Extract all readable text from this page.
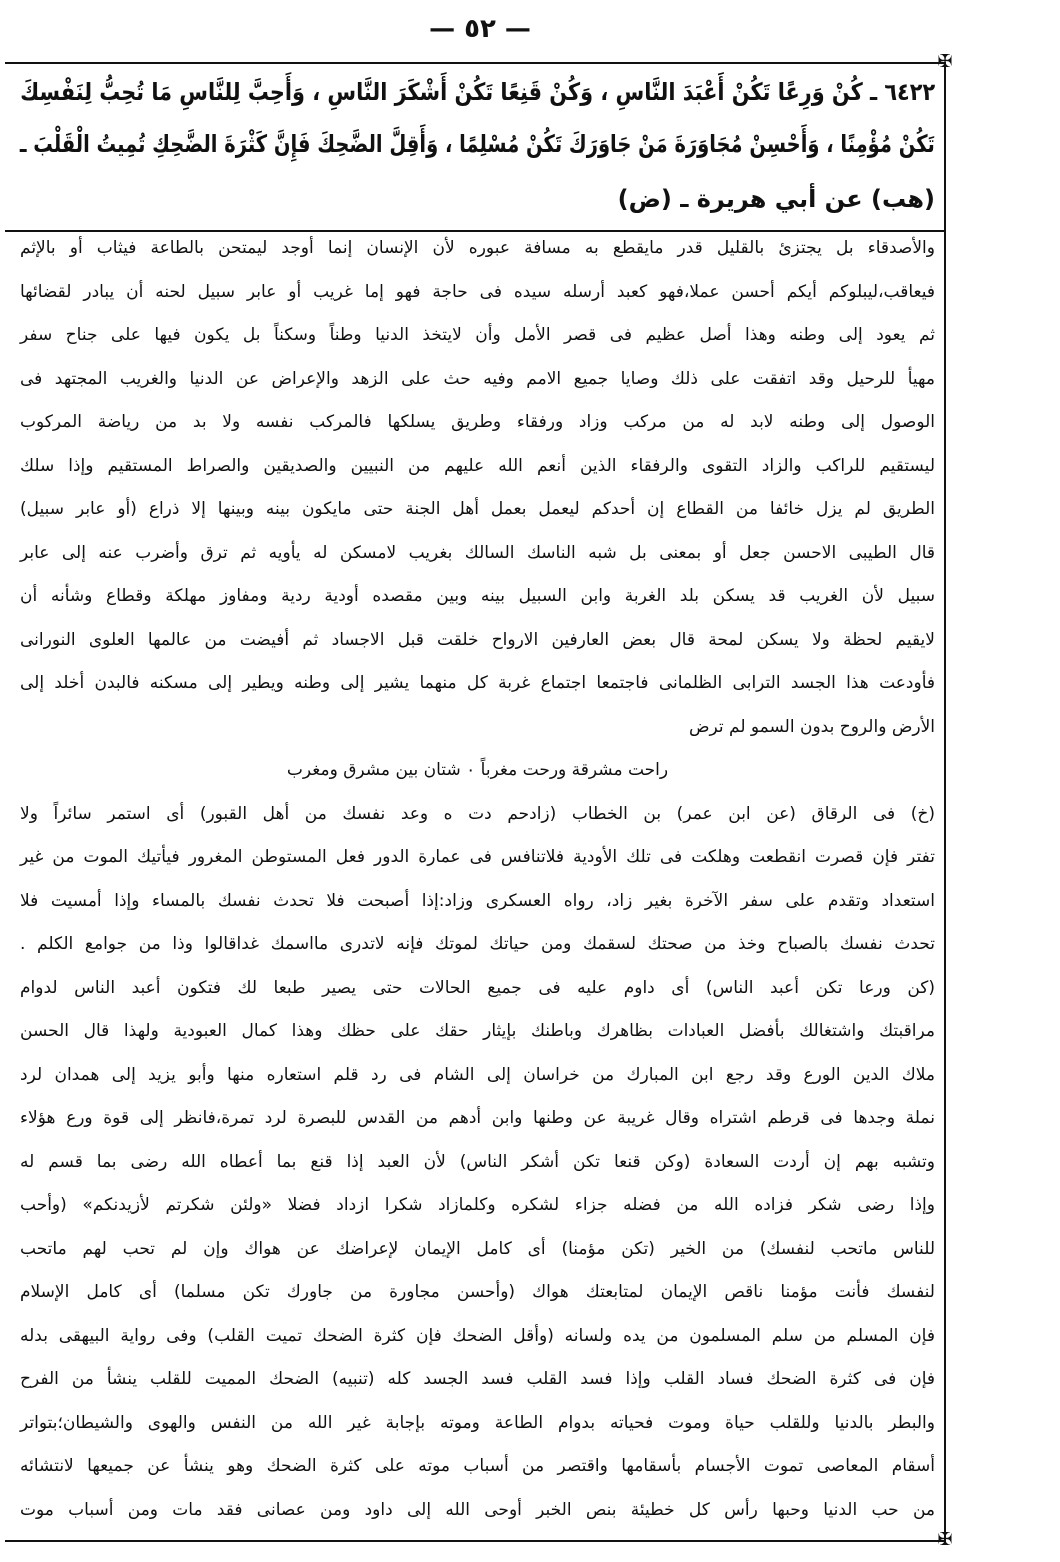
— ٥٢ —
✠
✠
٦٤٢٢ ـ كُنْ وَرِعًا تَكُنْ أَعْبَدَ النَّاسِ ، وَكُنْ قَنِعًا تَكُنْ أَشْكَرَ النَّاسِ ، وَأَحِبَّ لِلنَّاسِ مَا تُحِبُّ لِنَفْسِكَ
تَكُنْ مُؤْمِنًا ، وَأَحْسِنْ مُجَاوَرَةَ مَنْ جَاوَرَكَ تَكُنْ مُسْلِمًا ، وَأَقِلَّ الضَّحِكَ فَإِنَّ كَثْرَةَ الضَّحِكِ تُمِيتُ الْقَلْبَ ـ
(هب) عن أبي هريرة ـ (ض)
والأصدقاء بل يجتزئ بالقليل قدر مايقطع به مسافة عبوره لأن الإنسان إنما أوجد ليمتحن بالطاعة فيثاب أو بالإثم
فيعاقب،ليبلوكم أيكم أحسن عملا،فهو كعبد أرسله سيده فى حاجة فهو إما غريب أو عابر سبيل لحنه أن يبادر لقضائها
ثم يعود إلى وطنه وهذا أصل عظيم فى قصر الأمل وأن لايتخذ الدنيا وطناً وسكناً بل يكون فيها على جناح سفر
مهيأ للرحيل وقد اتفقت على ذلك وصايا جميع الامم وفيه حث على الزهد والإعراض عن الدنيا والغريب المجتهد فى
الوصول إلى وطنه لابد له من مركب وزاد ورفقاء وطريق يسلكها فالمركب نفسه ولا بد من رياضة المركوب
ليستقيم للراكب والزاد التقوى والرفقاء الذين أنعم الله عليهم من النبيين والصديقين والصراط المستقيم وإذا سلك
الطريق لم يزل خائفا من القطاع إن أحدكم ليعمل بعمل أهل الجنة حتى مايكون بينه وبينها إلا ذراع (أو عابر سبيل)
قال الطيبى الاحسن جعل أو بمعنى بل شبه الناسك السالك بغريب لامسكن له يأويه ثم ترق وأضرب عنه إلى عابر
سبيل لأن الغريب قد يسكن بلد الغربة وابن السبيل بينه وبين مقصده أودية ردية ومفاوز مهلكة وقطاع وشأنه أن
لايقيم لحظة ولا يسكن لمحة قال بعض العارفين الارواح خلقت قبل الاجساد ثم أفيضت من عالمها العلوى النورانى
فأودعت هذا الجسد الترابى الظلمانى فاجتمعا اجتماع غربة كل منهما يشير إلى وطنه ويطير إلى مسكنه فالبدن أخلد إلى
الأرض والروح بدون السمو لم ترض
راحت مشرقة ورحت مغرباً ۰ شتان بين مشرق ومغرب
(خ) فى الرقاق (عن ابن عمر) بن الخطاب (زادحم دت ه وعد نفسك من أهل القبور) أى استمر سائراً ولا
تفتر فإن قصرت انقطعت وهلكت فى تلك الأودية فلاتنافس فى عمارة الدور فعل المستوطن المغرور فيأتيك الموت من غير
استعداد وتقدم على سفر الآخرة بغير زاد، رواه العسكرى وزاد:إذا أصبحت فلا تحدث نفسك بالمساء وإذا أمسيت فلا
تحدث نفسك بالصباح وخذ من صحتك لسقمك ومن حياتك لموتك فإنه لاتدرى مااسمك غداقالوا وذا من جوامع الكلم .
(كن ورعا تكن أعبد الناس) أى داوم عليه فى جميع الحالات حتى يصير طبعا لك فتكون أعبد الناس لدوام
مراقبتك واشتغالك بأفضل العبادات بظاهرك وباطنك بإيثار حقك على حظك وهذا كمال العبودية ولهذا قال الحسن
ملاك الدين الورع وقد رجع ابن المبارك من خراسان إلى الشام فى رد قلم استعاره منها وأبو يزيد إلى همدان لرد
نملة وجدها فى قرطم اشتراه وقال غريبة عن وطنها وابن أدهم من القدس للبصرة لرد تمرة،فانظر إلى قوة ورع هؤلاء
وتشبه بهم إن أردت السعادة (وكن قنعا تكن أشكر الناس) لأن العبد إذا قنع بما أعطاه الله رضى بما قسم له
وإذا رضى شكر فزاده الله من فضله جزاء لشكره وكلمازاد شكرا ازداد فضلا «ولئن شكرتم لأزيدنكم» (وأحب
للناس ماتحب لنفسك) من الخير (تكن مؤمنا) أى كامل الإيمان لإعراضك عن هواك وإن لم تحب لهم ماتحب
لنفسك فأنت مؤمنا ناقص الإيمان لمتابعتك هواك (وأحسن مجاورة من جاورك تكن مسلما) أى كامل الإسلام
فإن المسلم من سلم المسلمون من يده ولسانه (وأقل الضحك فإن كثرة الضحك تميت القلب) وفى رواية البيهقى بدله
فإن فى كثرة الضحك فساد القلب وإذا فسد القلب فسد الجسد كله (تنبيه) الضحك المميت للقلب ينشأ من الفرح
والبطر بالدنيا وللقلب حياة وموت فحياته بدوام الطاعة وموته بإجابة غير الله من النفس والهوى والشيطان؛بتواتر
أسقام المعاصى تموت الأجسام بأسقامها واقتصر من أسباب موته على كثرة الضحك وهو ينشأ عن جميعها لانتشائه
من حب الدنيا وحبها رأس كل خطيئة بنص الخبر أوحى الله إلى داود ومن عصانى فقد مات ومن أسباب موت
